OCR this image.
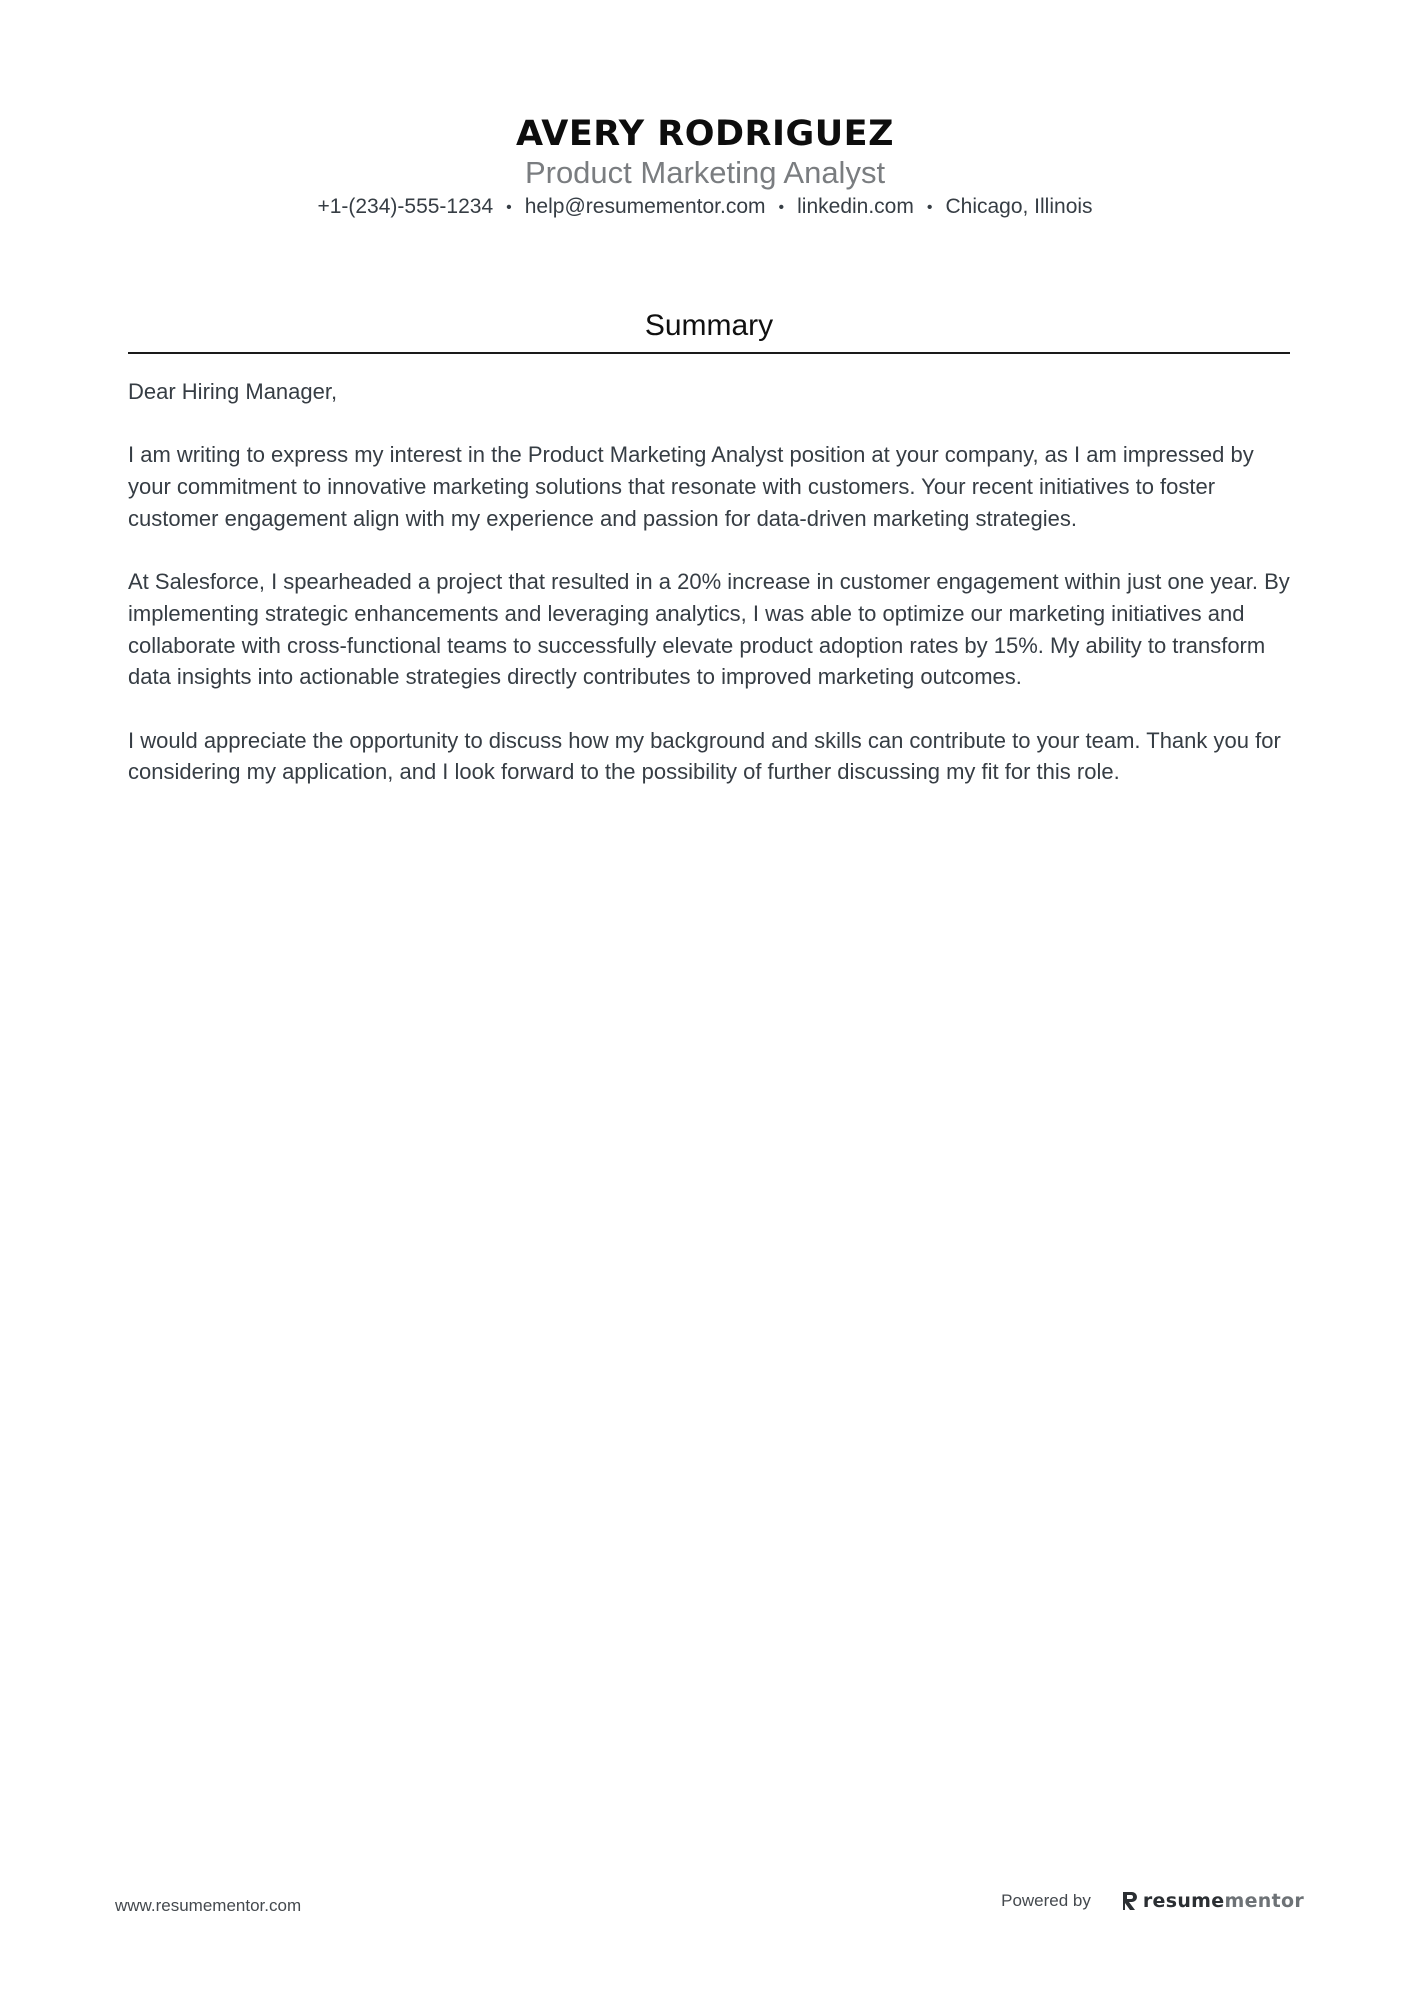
AVERY RODRIGUEZ
Product Marketing Analyst
+1-(234)-555-1234 • help@resumementor.com • linkedin.com • Chicago, Illinois
Summary

Dear Hiring Manager,

I am writing to express my interest in the Product Marketing Analyst position at your company, as I am impressed by your commitment to innovative marketing solutions that resonate with customers. Your recent initiatives to foster customer engagement align with my experience and passion for data-driven marketing strategies.

At Salesforce, I spearheaded a project that resulted in a 20% increase in customer engagement within just one year. By implementing strategic enhancements and leveraging analytics, I was able to optimize our marketing initiatives and collaborate with cross-functional teams to successfully elevate product adoption rates by 15%. My ability to transform data insights into actionable strategies directly contributes to improved marketing outcomes.

I would appreciate the opportunity to discuss how my background and skills can contribute to your team. Thank you for considering my application, and I look forward to the possibility of further discussing my fit for this role.

www.resumementor.com	Powered by	resumementor
